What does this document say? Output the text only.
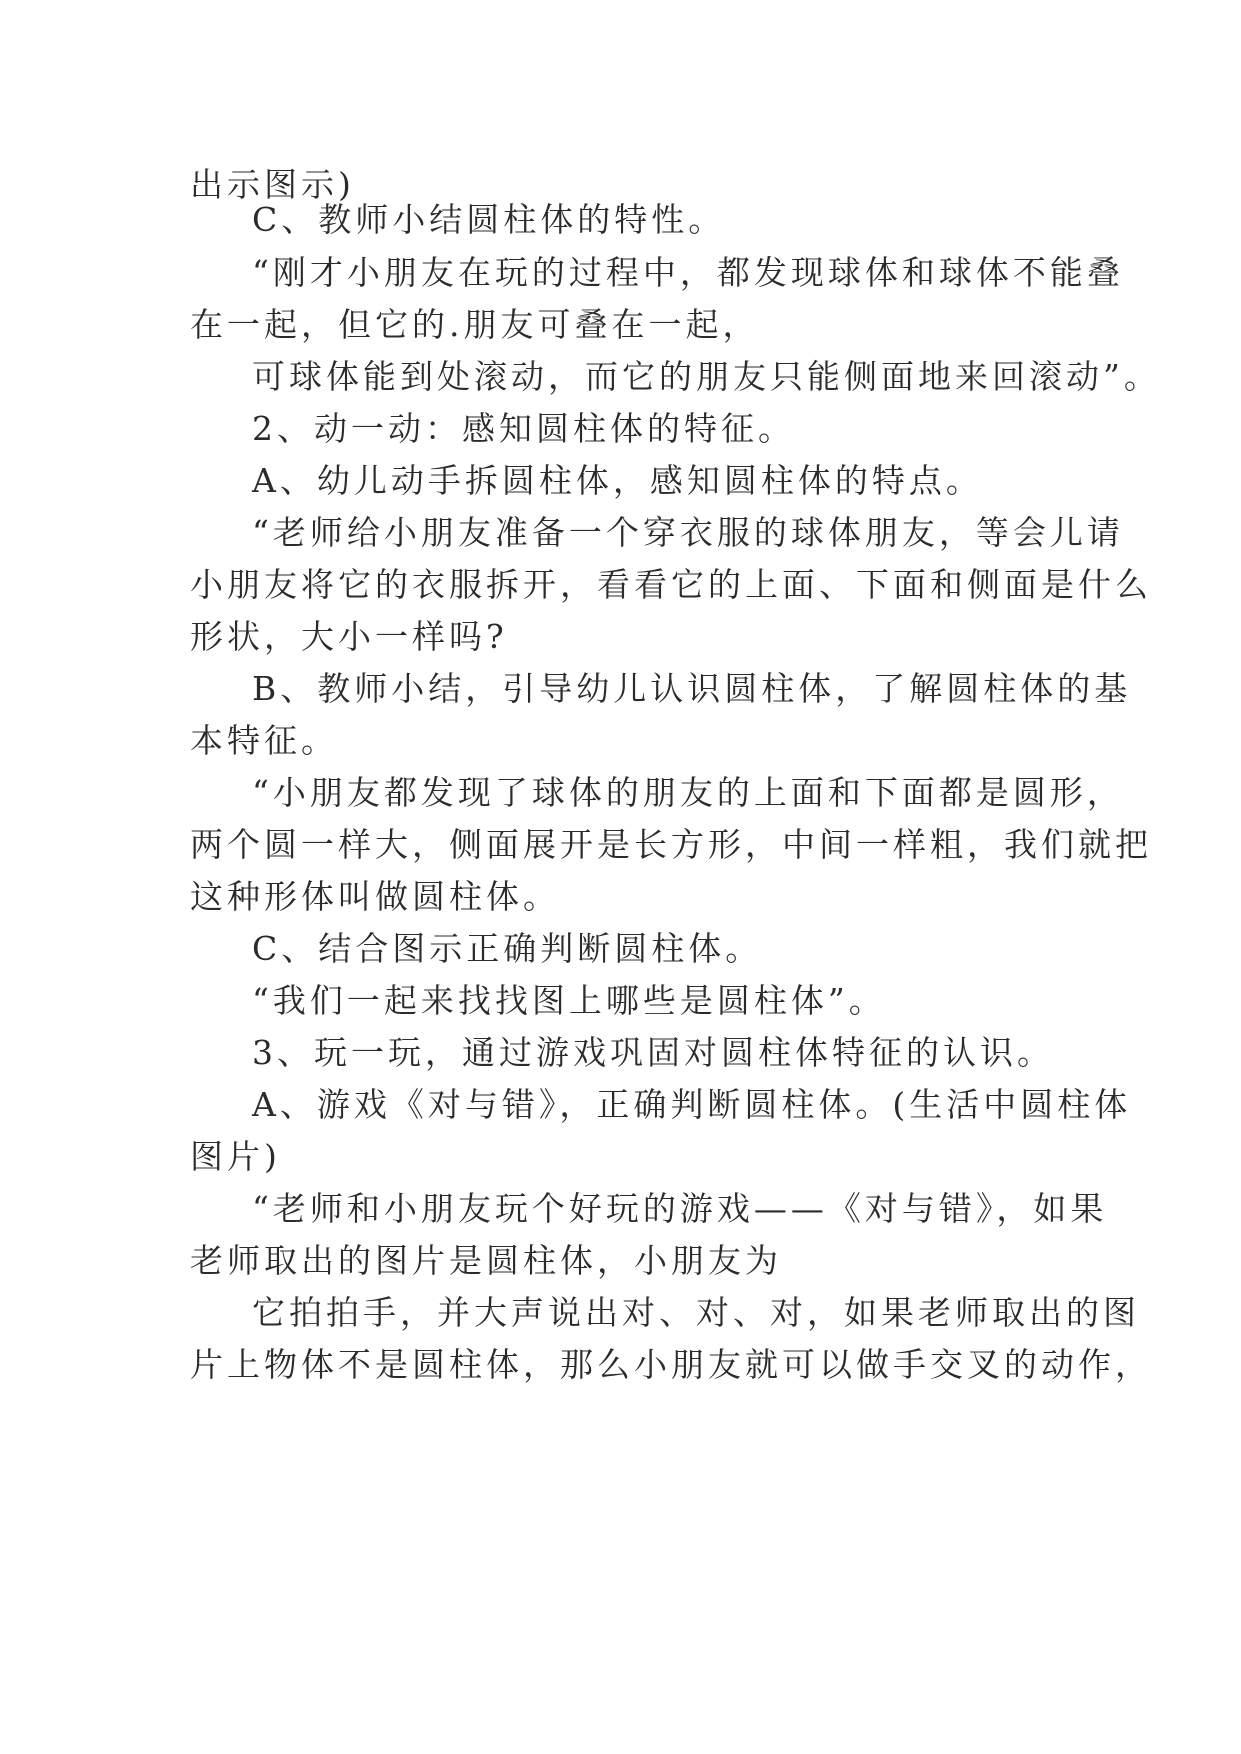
出示图示)
C、教师小结圆柱体的特性。
“刚才小朋友在玩的过程中，都发现球体和球体不能叠
在一起，但它的.朋友可叠在一起，
可球体能到处滚动，而它的朋友只能侧面地来回滚动”。
2、动一动：感知圆柱体的特征。
A、幼儿动手拆圆柱体，感知圆柱体的特点。
“老师给小朋友准备一个穿衣服的球体朋友，等会儿请
小朋友将它的衣服拆开，看看它的上面、下面和侧面是什么
形状，大小一样吗?
B、教师小结，引导幼儿认识圆柱体，了解圆柱体的基
本特征。
“小朋友都发现了球体的朋友的上面和下面都是圆形，
两个圆一样大，侧面展开是长方形，中间一样粗，我们就把
这种形体叫做圆柱体。
C、结合图示正确判断圆柱体。
“我们一起来找找图上哪些是圆柱体”。
3、玩一玩，通过游戏巩固对圆柱体特征的认识。
A、游戏《对与错》，正确判断圆柱体。(生活中圆柱体
图片)
“老师和小朋友玩个好玩的游戏——《对与错》，如果
老师取出的图片是圆柱体，小朋友为
它拍拍手，并大声说出对、对、对，如果老师取出的图
片上物体不是圆柱体，那么小朋友就可以做手交叉的动作，
